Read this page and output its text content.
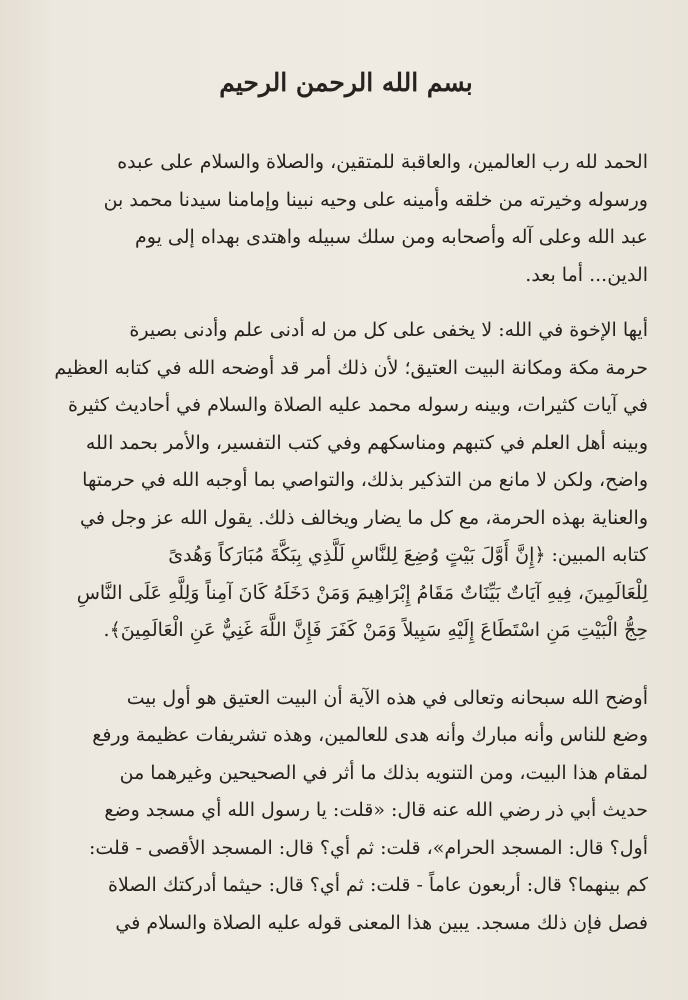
بسم الله الرحمن الرحيم
الحمد لله رب العالمين، والعاقبة للمتقين، والصلاة والسلام على عبده
ورسوله وخيرته من خلقه وأمينه على وحيه نبينا وإمامنا سيدنا محمد بن
عبد الله وعلى آله وأصحابه ومن سلك سبيله واهتدى بهداه إلى يوم
الدين... أما بعد.
أيها الإخوة في الله: لا يخفى على كل من له أدنى علم وأدنى بصيرة
حرمة مكة ومكانة البيت العتيق؛ لأن ذلك أمر قد أوضحه الله في كتابه العظيم
في آيات كثيرات، وبينه رسوله محمد عليه الصلاة والسلام في أحاديث كثيرة
وبينه أهل العلم في كتبهم ومناسكهم وفي كتب التفسير، والأمر بحمد الله
واضح، ولكن لا مانع من التذكير بذلك، والتواصي بما أوجبه الله في حرمتها
والعناية بهذه الحرمة، مع كل ما يضار ويخالف ذلك. يقول الله عز وجل في
كتابه المبين: ﴿إِنَّ أَوَّلَ بَيْتٍ وُضِعَ لِلنَّاسِ لَلَّذِي بِبَكَّةَ مُبَارَكاً وَهُدىً
لِلْعَالَمِينَ، فِيهِ آيَاتٌ بَيِّنَاتٌ مَقَامُ إِبْرَاهِيمَ وَمَنْ دَخَلَهُ كَانَ آمِناً وَلِلَّهِ عَلَى النَّاسِ
حِجُّ الْبَيْتِ مَنِ اسْتَطَاعَ إِلَيْهِ سَبِيلاً وَمَنْ كَفَرَ فَإِنَّ اللَّهَ غَنِيٌّ عَنِ الْعَالَمِينَ﴾.
أوضح الله سبحانه وتعالى في هذه الآية أن البيت العتيق هو أول بيت
وضع للناس وأنه مبارك وأنه هدى للعالمين، وهذه تشريفات عظيمة ورفع
لمقام هذا البيت، ومن التنويه بذلك ما أثر في الصحيحين وغيرهما من
حديث أبي ذر رضي الله عنه قال: «قلت: يا رسول الله أي مسجد وضع
أول؟ قال: المسجد الحرام»، قلت: ثم أي؟ قال: المسجد الأقصى - قلت:
كم بينهما؟ قال: أربعون عاماً - قلت: ثم أي؟ قال: حيثما أدركتك الصلاة
فصل فإن ذلك مسجد. يبين هذا المعنى قوله عليه الصلاة والسلام في
